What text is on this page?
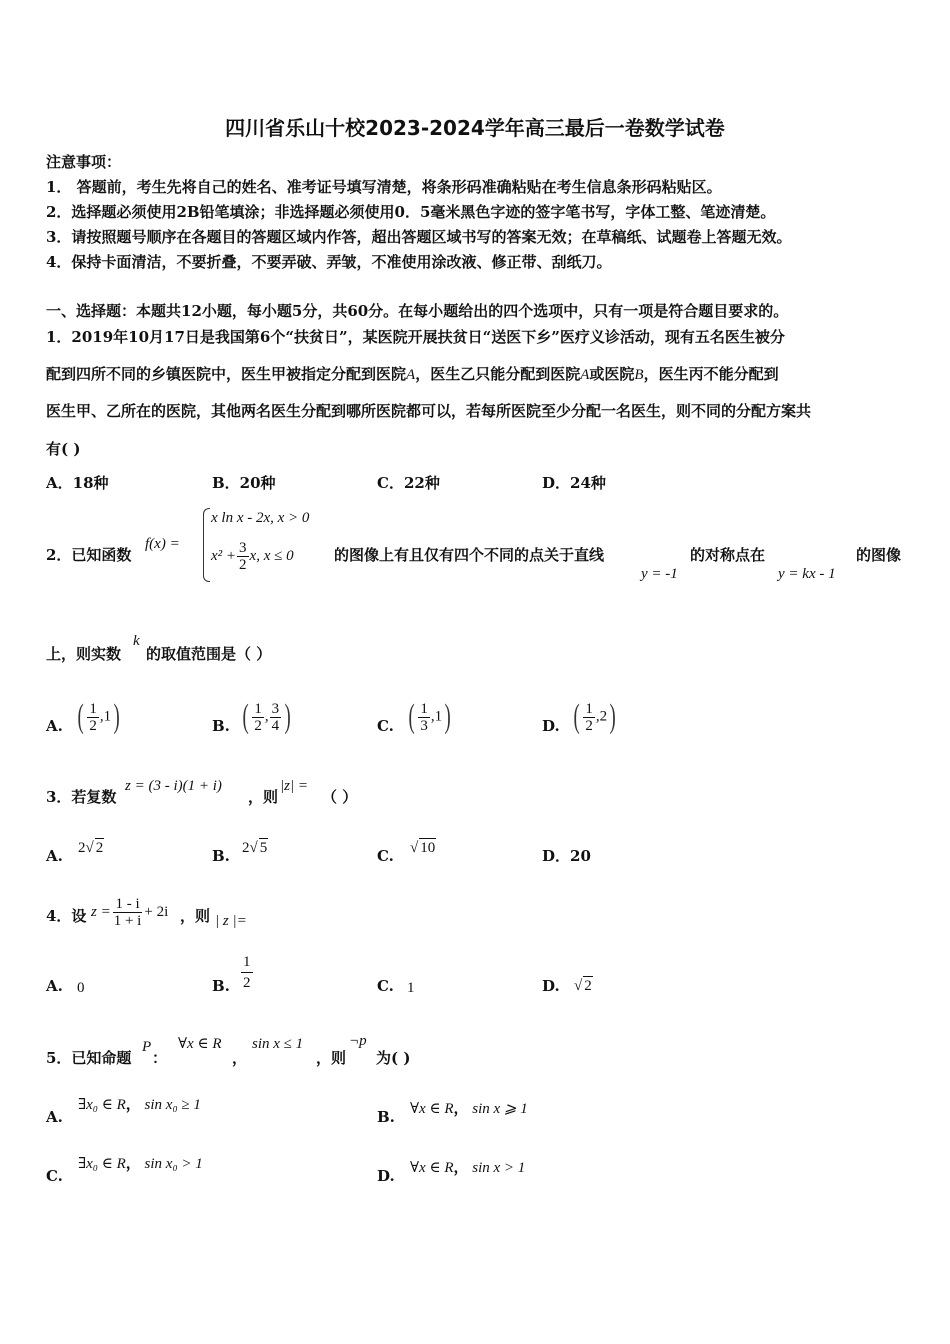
四川省乐山十校2023-2024学年高三最后一卷数学试卷
注意事项：
1． 答题前，考生先将自己的姓名、准考证号填写清楚，将条形码准确粘贴在考生信息条形码粘贴区。
2．选择题必须使用2B铅笔填涂；非选择题必须使用0．5毫米黑色字迹的签字笔书写，字体工整、笔迹清楚。
3．请按照题号顺序在各题目的答题区域内作答，超出答题区域书写的答案无效；在草稿纸、试题卷上答题无效。
4．保持卡面清洁，不要折叠，不要弄破、弄皱，不准使用涂改液、修正带、刮纸刀。
一、选择题：本题共12小题，每小题5分，共60分。在每小题给出的四个选项中，只有一项是符合题目要求的。
1．2019年10月17日是我国第6个“扶贫日”，某医院开展扶贫日“送医下乡”医疗义诊活动，现有五名医生被分
配到四所不同的乡镇医院中，医生甲被指定分配到医院A，医生乙只能分配到医院A或医院B，医生丙不能分配到
医生甲、乙所在的医院，其他两名医生分配到哪所医院都可以，若每所医院至少分配一名医生，则不同的分配方案共
有( )
A．18种	B．20种	C．22种	D．24种
2．已知函数
f(x) =
x ln x - 2x, x > 0
$x^2 + \frac{3}{2} x$, x ≤ 0	的图像上有且仅有四个不同的点关于直线
y = -1
的对称点在
y = kx - 1
的图像
上，则实数
k
的取值范围是（ ）
A. ( $\frac{1}{2} ,1$)	B. ( $\frac{1}{2}$ , $\frac{3}{4}$ )	C. ( $\frac{1}{3} ,1$)	D. ( $\frac{1}{2} ,2$)
3．若复数
z = (3 - i)(1 + i)
，则
|z| =
（ ）
A. 2√ 2	B. 2√ 5	C. √ 10	D．20
4．设 $z = \frac{1 - i}{1 + i} + 2i$ ，则 | z |=
A. 0	B. $\frac{1}{2}$	C. 1	D. √ 2
5．已知命题
P
：
∀x ∈ R
，
sin x ≤ 1
，则
¬p
为( )
A.
∃x₀ ∈ R， sin x₀ ≥ 1
B. ∀x ∈ R， sin x ⩾ 1
C.
∃x₀ ∈ R， sin x₀ > 1
D. ∀x ∈ R， sin x > 1
